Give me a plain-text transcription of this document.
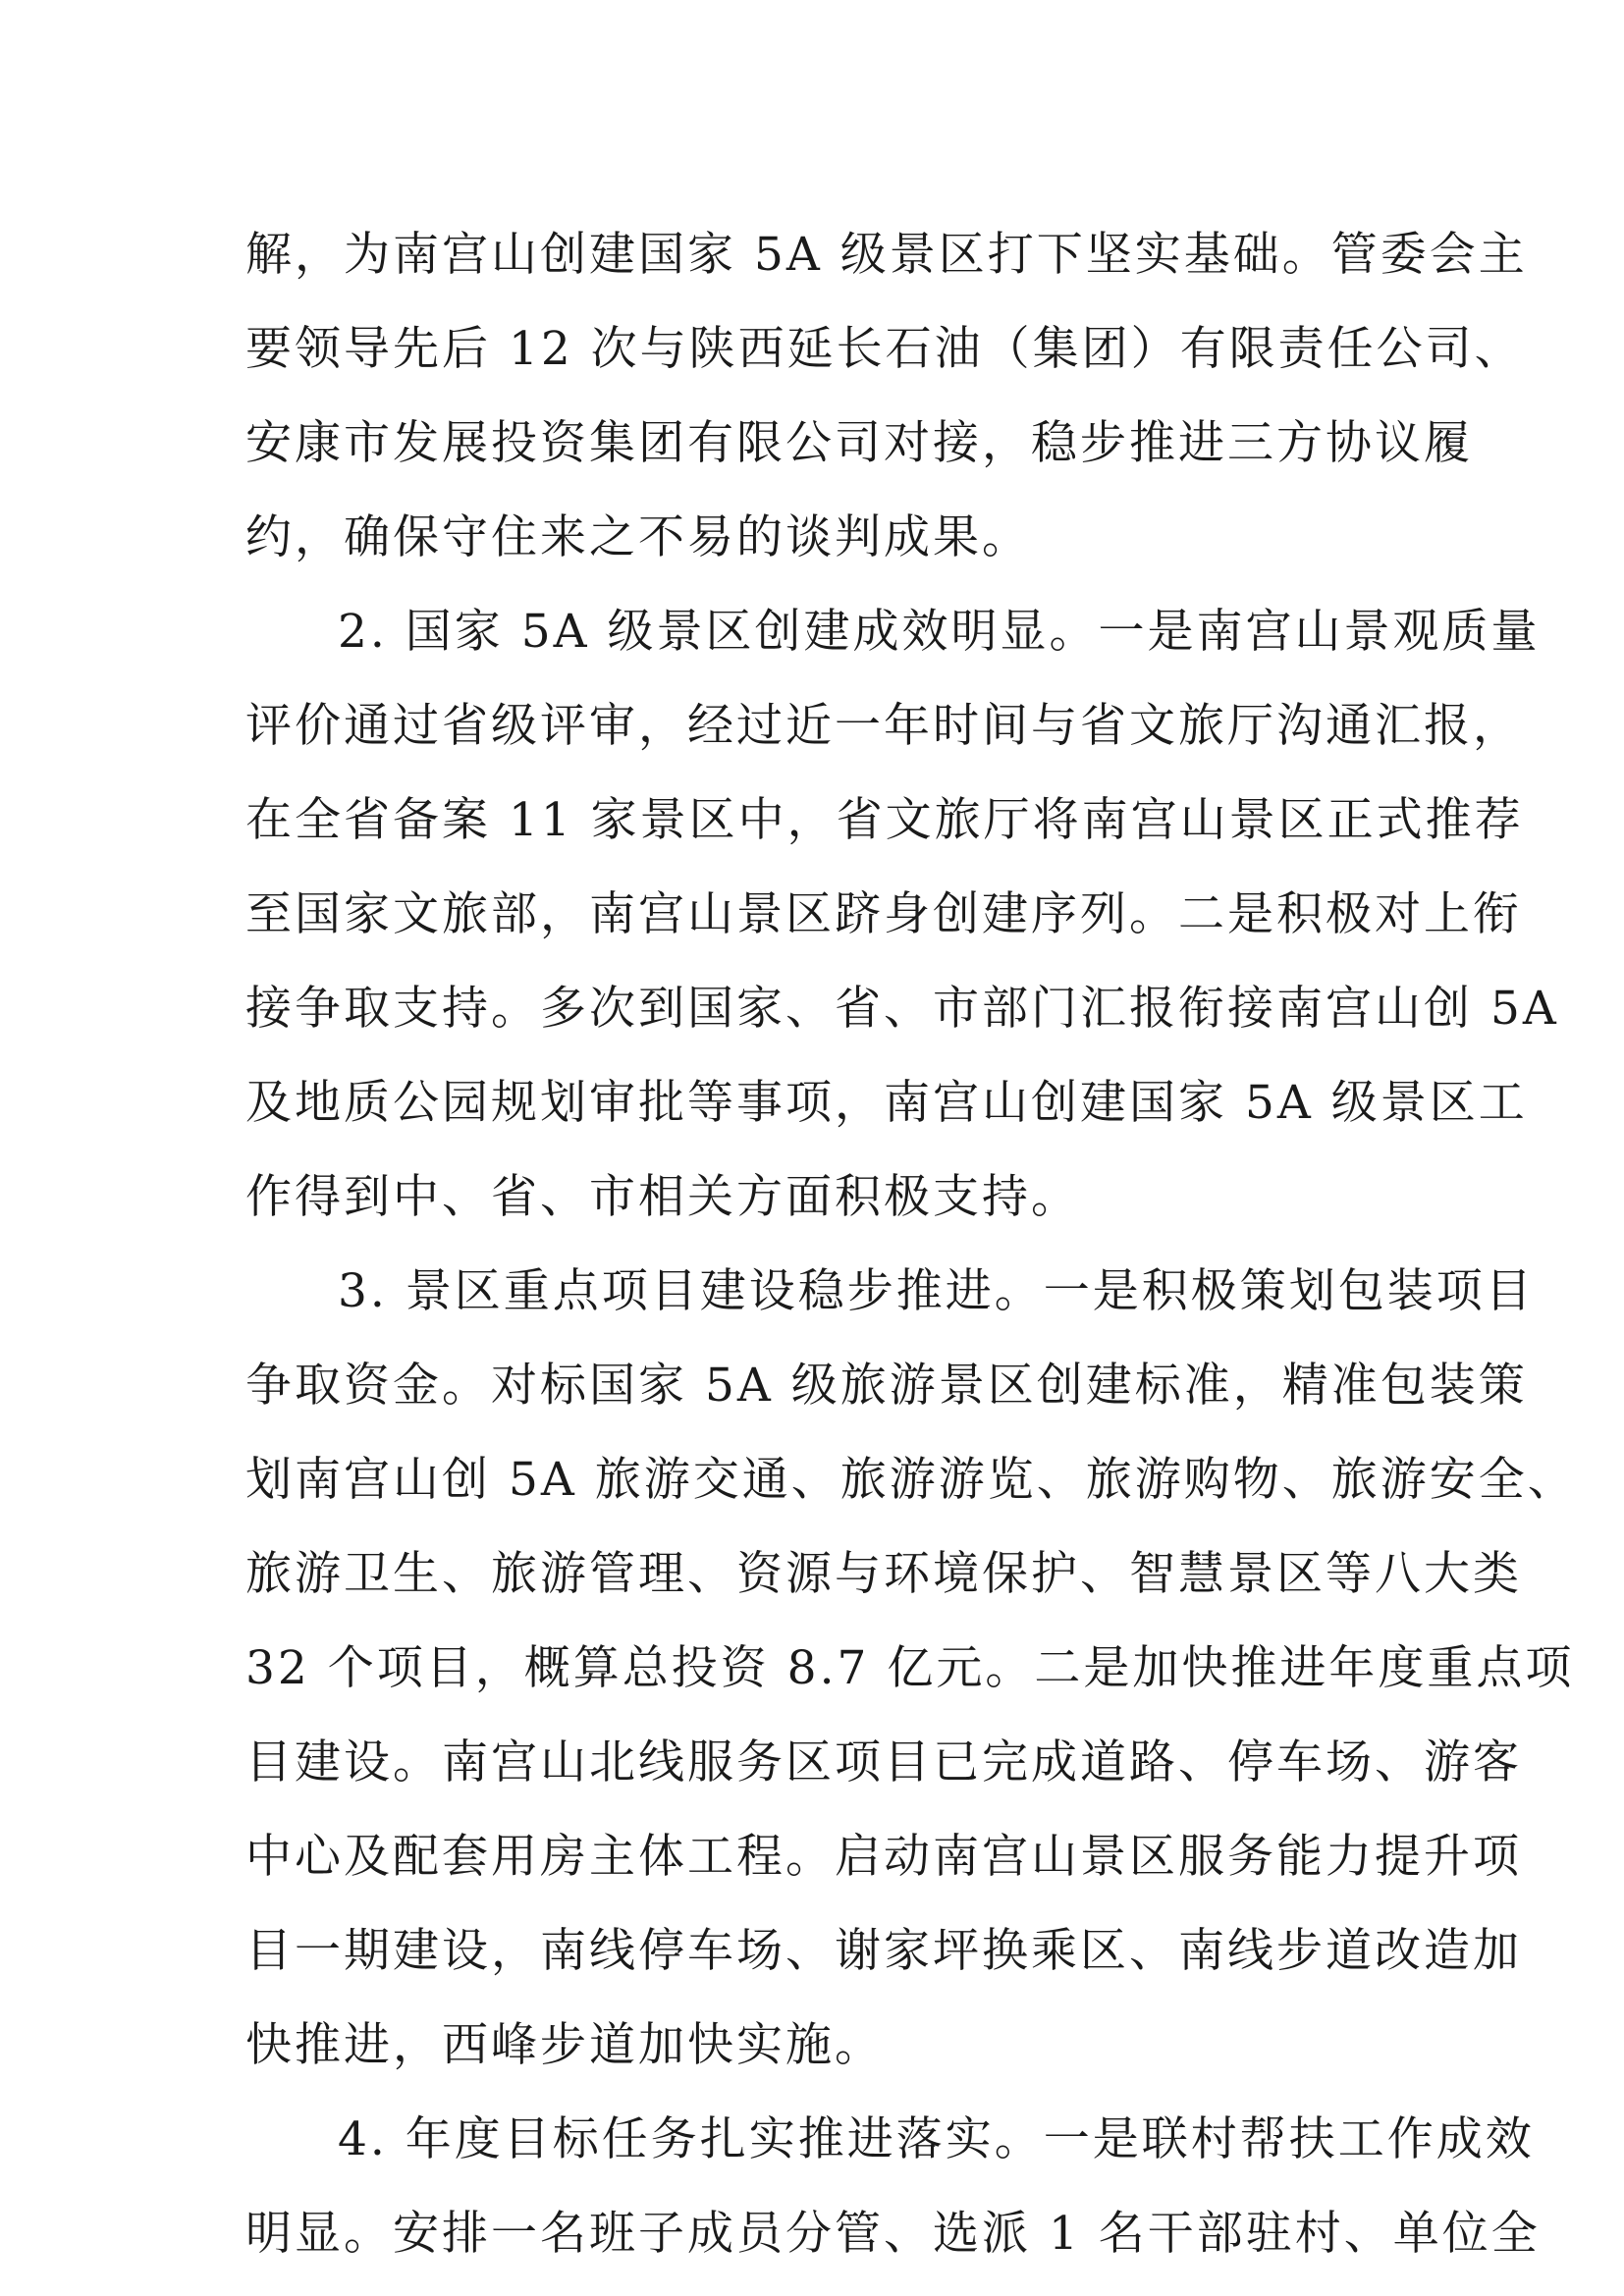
解，为南宫山创建国家 5A 级景区打下坚实基础。管委会主
要领导先后 12 次与陕西延长石油（集团）有限责任公司、
安康市发展投资集团有限公司对接，稳步推进三方协议履
约，确保守住来之不易的谈判成果。
2. 国家 5A 级景区创建成效明显。一是南宫山景观质量
评价通过省级评审，经过近一年时间与省文旅厅沟通汇报，
在全省备案 11 家景区中，省文旅厅将南宫山景区正式推荐
至国家文旅部，南宫山景区跻身创建序列。二是积极对上衔
接争取支持。多次到国家、省、市部门汇报衔接南宫山创 5A
及地质公园规划审批等事项，南宫山创建国家 5A 级景区工
作得到中、省、市相关方面积极支持。
3. 景区重点项目建设稳步推进。一是积极策划包装项目
争取资金。对标国家 5A 级旅游景区创建标准，精准包装策
划南宫山创 5A 旅游交通、旅游游览、旅游购物、旅游安全、
旅游卫生、旅游管理、资源与环境保护、智慧景区等八大类
32 个项目，概算总投资 8.7 亿元。二是加快推进年度重点项
目建设。南宫山北线服务区项目已完成道路、停车场、游客
中心及配套用房主体工程。启动南宫山景区服务能力提升项
目一期建设，南线停车场、谢家坪换乘区、南线步道改造加
快推进，西峰步道加快实施。
4. 年度目标任务扎实推进落实。一是联村帮扶工作成效
明显。安排一名班子成员分管、选派 1 名干部驻村、单位全
